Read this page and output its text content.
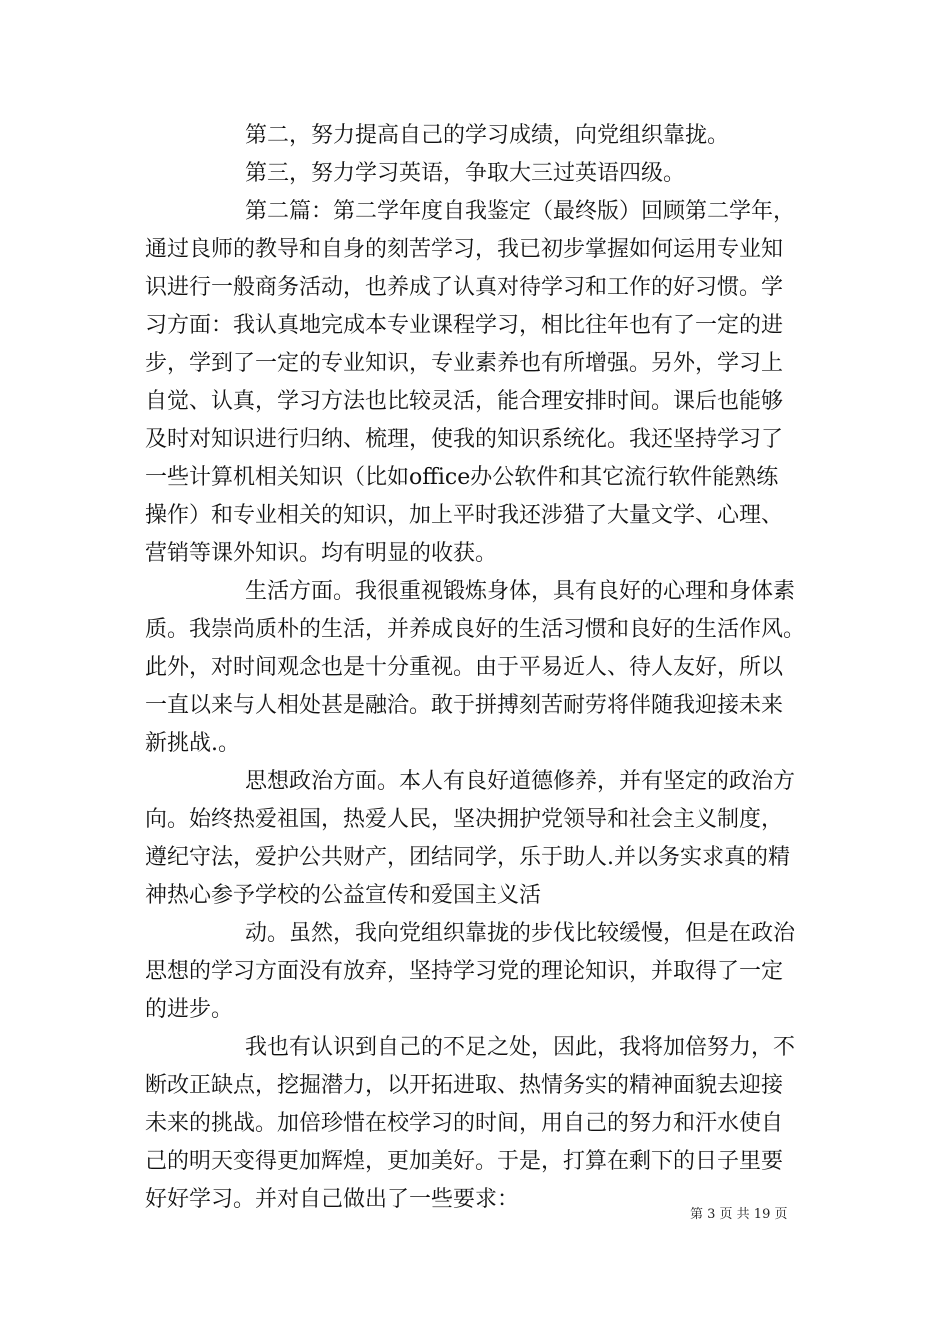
第二，努力提高自己的学习成绩，向党组织靠拢。
第三，努力学习英语，争取大三过英语四级。
第二篇：第二学年度自我鉴定（最终版）回顾第二学年，
通过良师的教导和自身的刻苦学习，我已初步掌握如何运用专业知
识进行一般商务活动，也养成了认真对待学习和工作的好习惯。学
习方面：我认真地完成本专业课程学习，相比往年也有了一定的进
步，学到了一定的专业知识，专业素养也有所增强。另外，学习上
自觉、认真，学习方法也比较灵活，能合理安排时间。课后也能够
及时对知识进行归纳、梳理，使我的知识系统化。我还坚持学习了
一些计算机相关知识（比如office办公软件和其它流行软件能熟练
操作）和专业相关的知识，加上平时我还涉猎了大量文学、心理、
营销等课外知识。均有明显的收获。
生活方面。我很重视锻炼身体，具有良好的心理和身体素
质。我崇尚质朴的生活，并养成良好的生活习惯和良好的生活作风。
此外，对时间观念也是十分重视。由于平易近人、待人友好，所以
一直以来与人相处甚是融洽。敢于拼搏刻苦耐劳将伴随我迎接未来
新挑战.。
思想政治方面。本人有良好道德修养，并有坚定的政治方
向。始终热爱祖国，热爱人民，坚决拥护党领导和社会主义制度，
遵纪守法，爱护公共财产，团结同学，乐于助人.并以务实求真的精
神热心参予学校的公益宣传和爱国主义活
动。虽然，我向党组织靠拢的步伐比较缓慢，但是在政治
思想的学习方面没有放弃，坚持学习党的理论知识，并取得了一定
的进步。
我也有认识到自己的不足之处，因此，我将加倍努力，不
断改正缺点，挖掘潜力，以开拓进取、热情务实的精神面貌去迎接
未来的挑战。加倍珍惜在校学习的时间，用自己的努力和汗水使自
己的明天变得更加辉煌，更加美好。于是，打算在剩下的日子里要
好好学习。并对自己做出了一些要求：
第 3 页 共 19 页
